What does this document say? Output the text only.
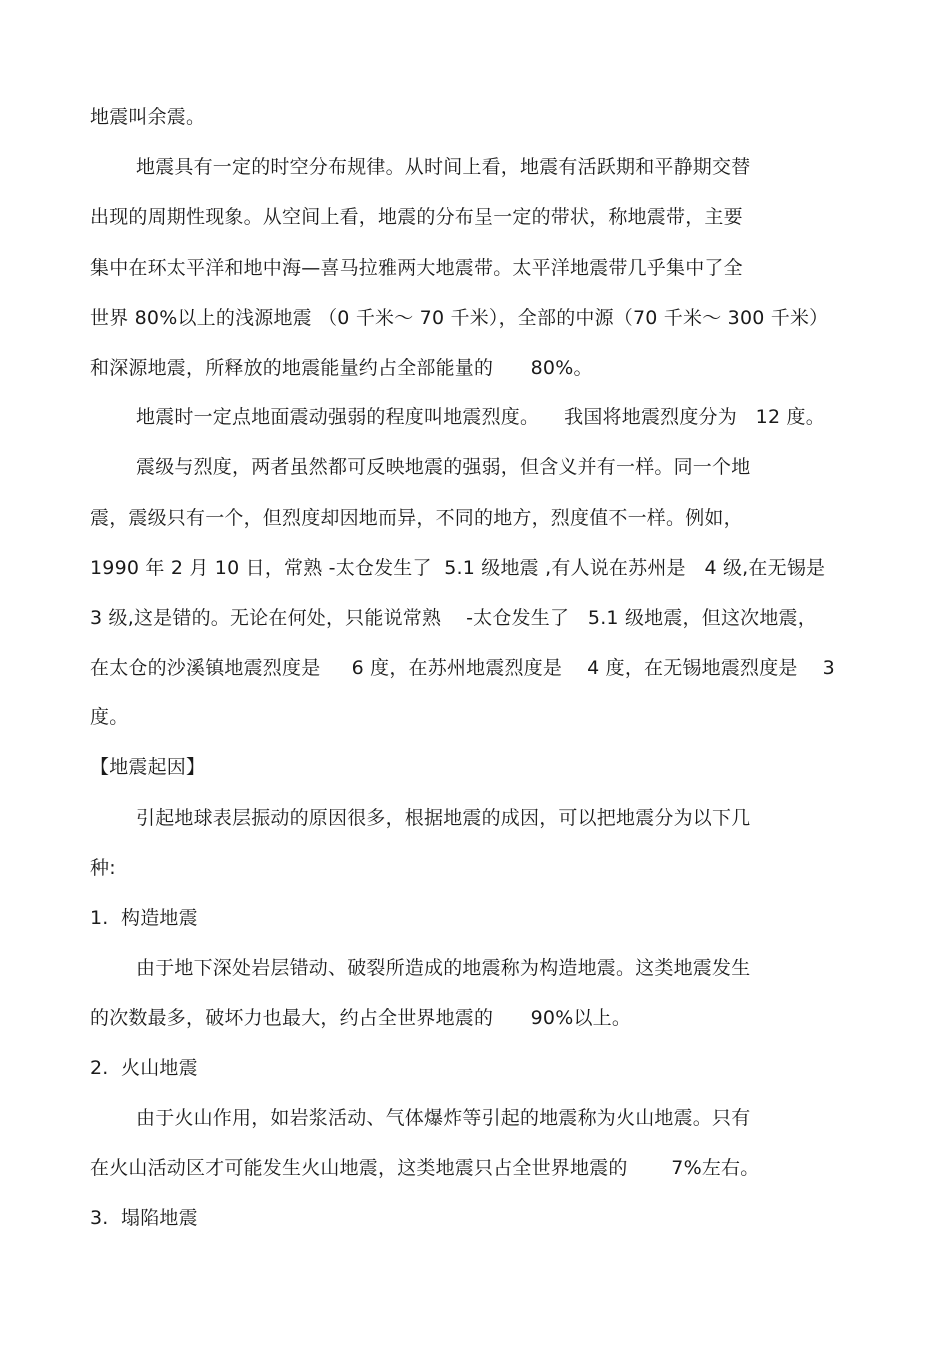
地震叫余震。
地震具有一定的时空分布规律。从时间上看，地震有活跃期和平静期交替
出现的周期性现象。从空间上看，地震的分布呈一定的带状，称地震带，主要
集中在环太平洋和地中海—喜马拉雅两大地震带。太平洋地震带几乎集中了全
世界 80%以上的浅源地震 （0 千米～ 70 千米），全部的中源（70 千米～ 300 千米）
和深源地震，所释放的地震能量约占全部能量的      80%。
地震时一定点地面震动强弱的程度叫地震烈度。    我国将地震烈度分为   12 度。
震级与烈度，两者虽然都可反映地震的强弱，但含义并有一样。同一个地
震，震级只有一个，但烈度却因地而异，不同的地方，烈度值不一样。例如，
1990 年 2 月 10 日，常熟 -太仓发生了  5.1 级地震 ,有人说在苏州是   4 级,在无锡是
3 级,这是错的。无论在何处，只能说常熟    -太仓发生了   5.1 级地震，但这次地震，
在太仓的沙溪镇地震烈度是     6 度，在苏州地震烈度是    4 度，在无锡地震烈度是    3
度。
【地震起因】
引起地球表层振动的原因很多，根据地震的成因，可以把地震分为以下几
种:
1.  构造地震
由于地下深处岩层错动、破裂所造成的地震称为构造地震。这类地震发生
的次数最多，破坏力也最大，约占全世界地震的      90%以上。
2.  火山地震
由于火山作用，如岩浆活动、气体爆炸等引起的地震称为火山地震。只有
在火山活动区才可能发生火山地震，这类地震只占全世界地震的       7%左右。
3.  塌陷地震
